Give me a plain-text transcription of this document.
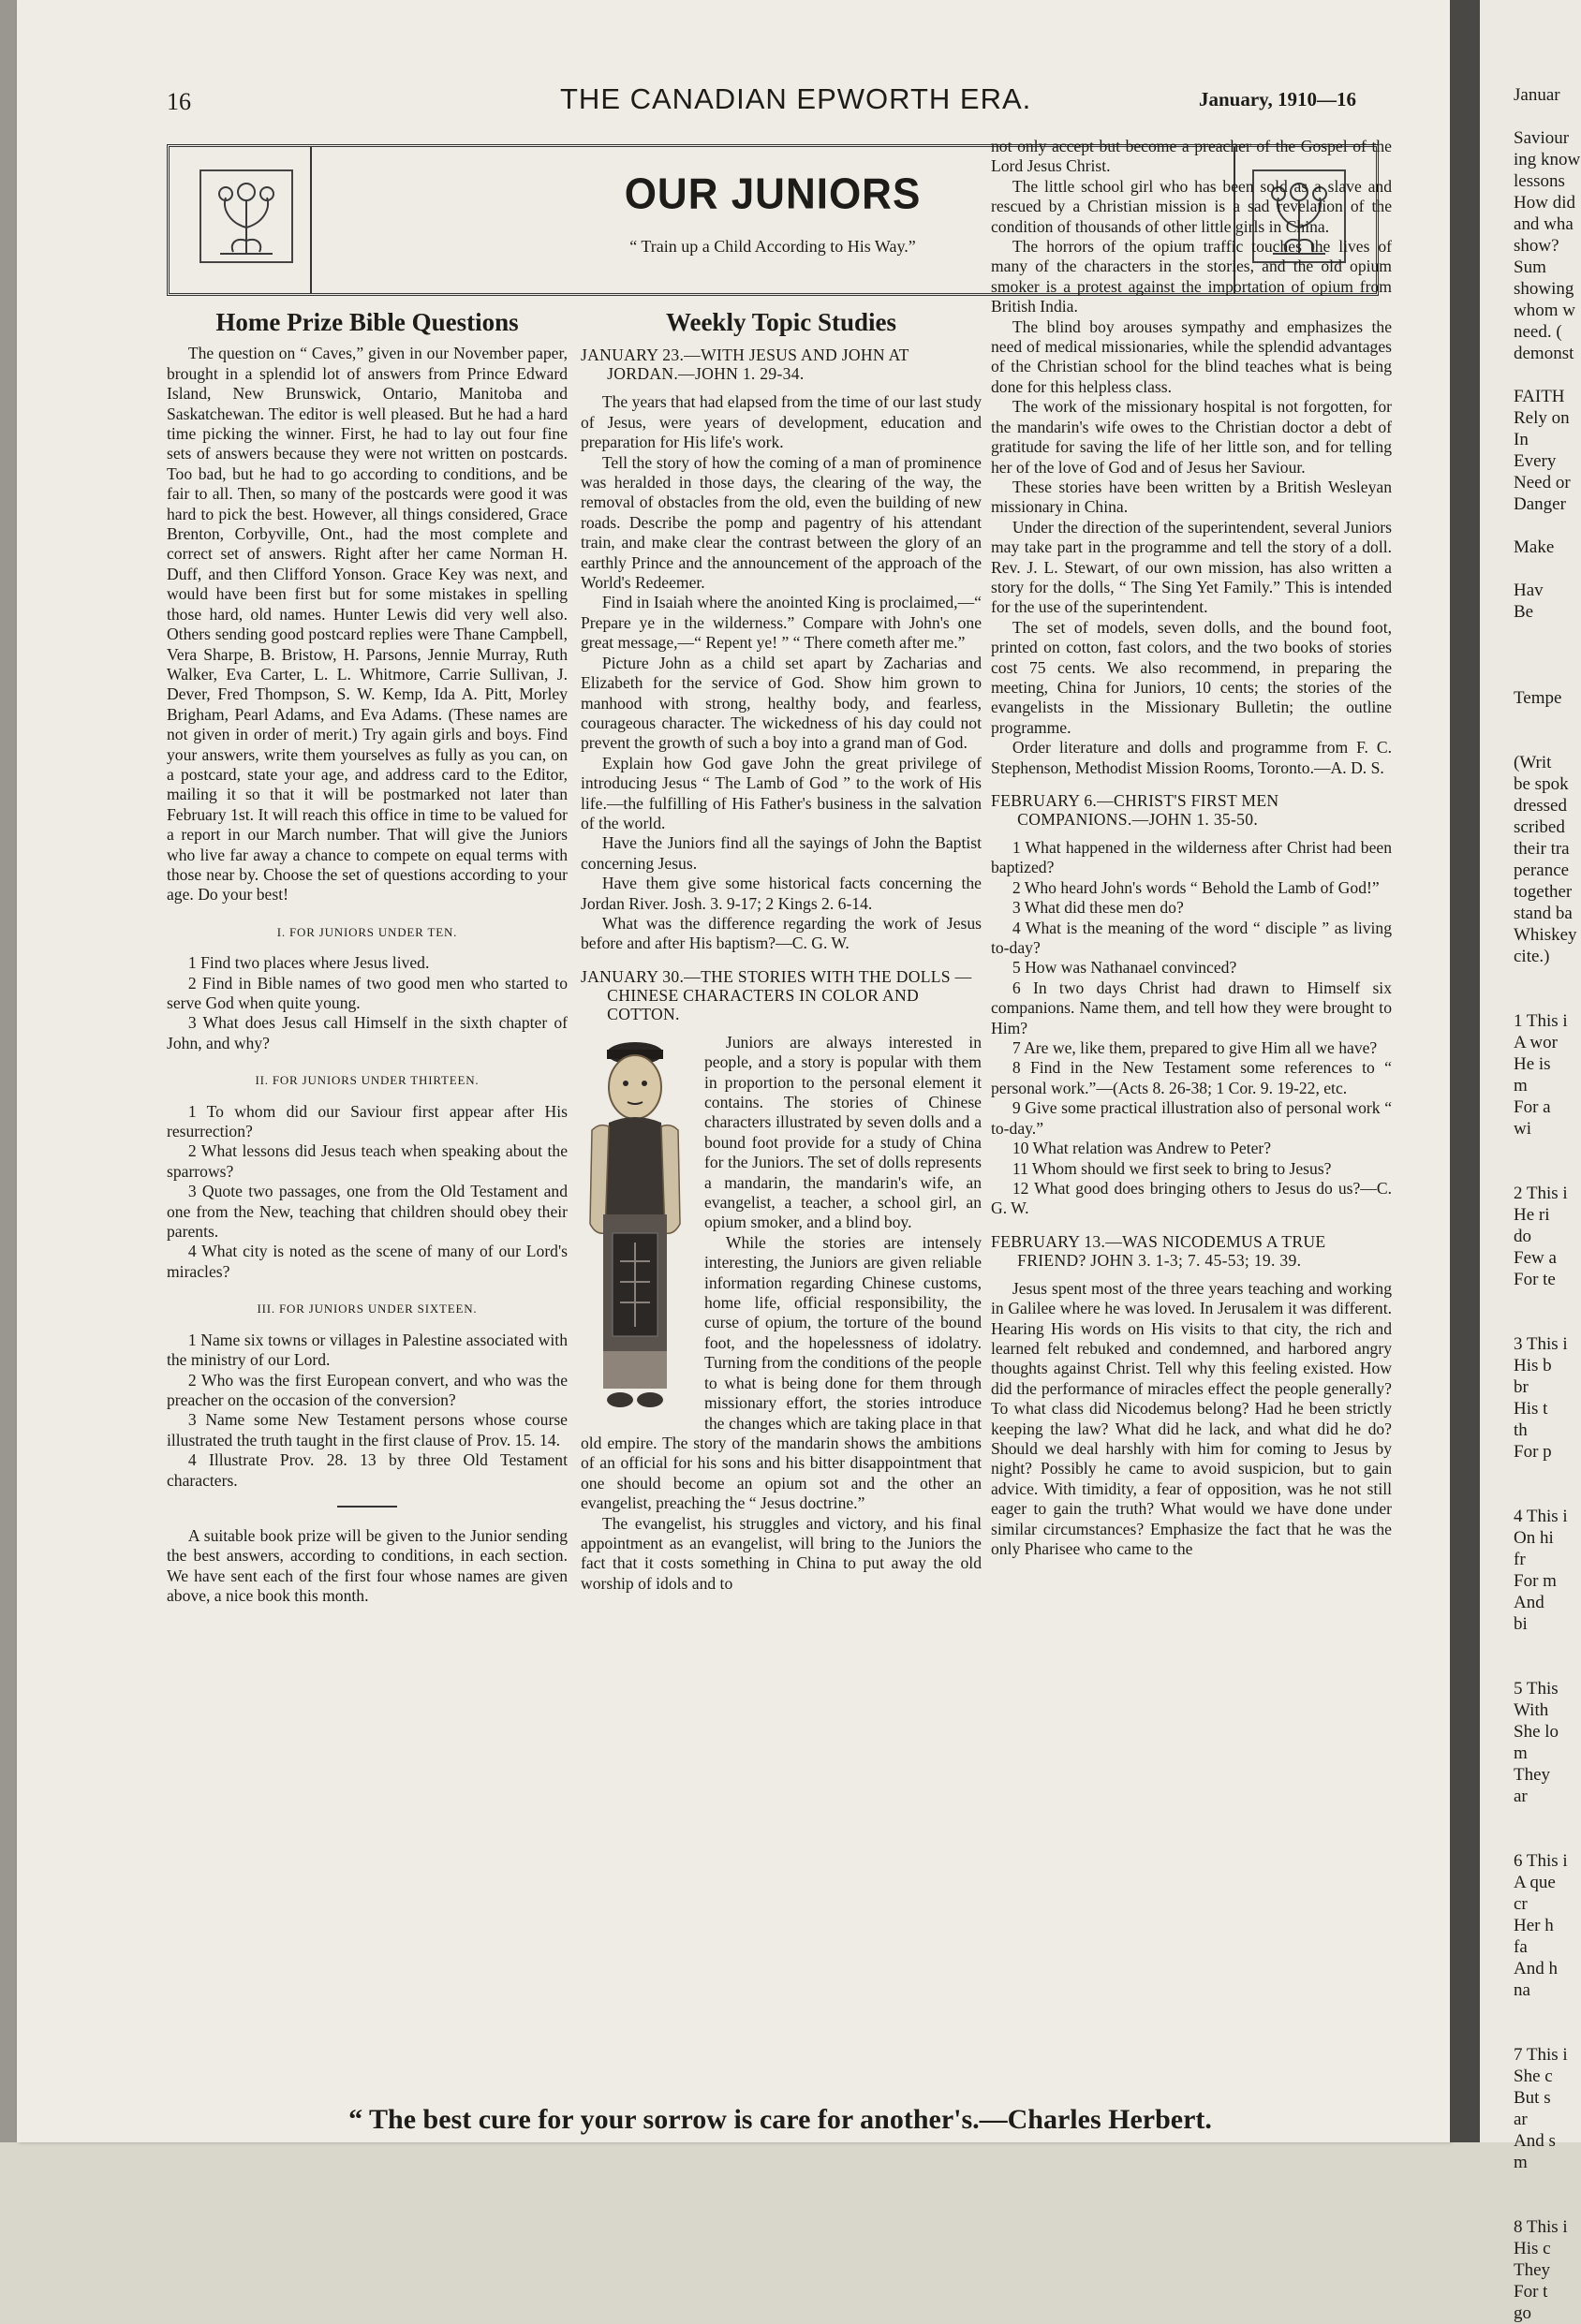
16	THE CANADIAN EPWORTH ERA.	January, 1910—16
OUR JUNIORS
“ Train up a Child According to His Way.”
Home Prize Bible Questions

The question on “ Caves,” given in our November paper, brought in a splendid lot of answers from Prince Edward Island, New Brunswick, Ontario, Manitoba and Saskatchewan. The editor is well pleased. But he had a hard time picking the winner. First, he had to lay out four fine sets of answers because they were not written on postcards. Too bad, but he had to go according to conditions, and be fair to all. Then, so many of the postcards were good it was hard to pick the best. However, all things considered, Grace Brenton, Corbyville, Ont., had the most complete and correct set of answers. Right after her came Norman H. Duff, and then Clifford Yonson. Grace Key was next, and would have been first but for some mistakes in spelling those hard, old names. Hunter Lewis did very well also. Others sending good postcard replies were Thane Campbell, Vera Sharpe, B. Bristow, H. Parsons, Jennie Murray, Ruth Walker, Eva Carter, L. L. Whitmore, Carrie Sullivan, J. Dever, Fred Thompson, S. W. Kemp, Ida A. Pitt, Morley Brigham, Pearl Adams, and Eva Adams. (These names are not given in order of merit.) Try again girls and boys. Find your answers, write them yourselves as fully as you can, on a postcard, state your age, and address card to the Editor, mailing it so that it will be postmarked not later than February 1st. It will reach this office in time to be valued for a report in our March number. That will give the Juniors who live far away a chance to compete on equal terms with those near by. Choose the set of questions according to your age. Do your best!

I. FOR JUNIORS UNDER TEN.

1 Find two places where Jesus lived.

2 Find in Bible names of two good men who started to serve God when quite young.

3 What does Jesus call Himself in the sixth chapter of John, and why?

II. FOR JUNIORS UNDER THIRTEEN.

1 To whom did our Saviour first appear after His resurrection?

2 What lessons did Jesus teach when speaking about the sparrows?

3 Quote two passages, one from the Old Testament and one from the New, teaching that children should obey their parents.

4 What city is noted as the scene of many of our Lord's miracles?

III. FOR JUNIORS UNDER SIXTEEN.

1 Name six towns or villages in Palestine associated with the ministry of our Lord.

2 Who was the first European convert, and who was the preacher on the occasion of the conversion?

3 Name some New Testament persons whose course illustrated the truth taught in the first clause of Prov. 15. 14.

4 Illustrate Prov. 28. 13 by three Old Testament characters.

A suitable book prize will be given to the Junior sending the best answers, according to conditions, in each section. We have sent each of the first four whose names are given above, a nice book this month.

Weekly Topic Studies
JANUARY 23.—WITH JESUS AND JOHN AT JORDAN.—JOHN 1. 29-34.

The years that had elapsed from the time of our last study of Jesus, were years of development, education and preparation for His life's work.

Tell the story of how the coming of a man of prominence was heralded in those days, the clearing of the way, the removal of obstacles from the old, even the building of new roads. Describe the pomp and pagentry of his attendant train, and make clear the contrast between the glory of an earthly Prince and the announcement of the approach of the World's Redeemer.

Find in Isaiah where the anointed King is proclaimed,—“ Prepare ye in the wilderness.” Compare with John's one great message,—“ Repent ye! ” “ There cometh after me.”

Picture John as a child set apart by Zacharias and Elizabeth for the service of God. Show him grown to manhood with strong, healthy body, and fearless, courageous character. The wickedness of his day could not prevent the growth of such a boy into a grand man of God.

Explain how God gave John the great privilege of introducing Jesus “ The Lamb of God ” to the work of His life.—the fulfilling of His Father's business in the salvation of the world.

Have the Juniors find all the sayings of John the Baptist concerning Jesus.

Have them give some historical facts concerning the Jordan River. Josh. 3. 9-17; 2 Kings 2. 6-14.

What was the difference regarding the work of Jesus before and after His baptism?—C. G. W.

JANUARY 30.—THE STORIES WITH THE DOLLS — CHINESE CHARACTERS IN COLOR AND COTTON.

Juniors are always interested in people, and a story is popular with them in proportion to the personal element it contains. The stories of Chinese characters illustrated by seven dolls and a bound foot provide for a study of China for the Juniors. The set of dolls represents a mandarin, the mandarin's wife, an evangelist, a teacher, a school girl, an opium smoker, and a blind boy.

While the stories are intensely interesting, the Juniors are given reliable information regarding Chinese customs, home life, official responsibility, the curse of opium, the torture of the bound foot, and the hopelessness of idolatry. Turning from the conditions of the people to what is being done for them through missionary effort, the stories introduce the changes which are taking place in that old empire. The story of the mandarin shows the ambitions of an official for his sons and his bitter disappointment that one should become an opium sot and the other an evangelist, preaching the “ Jesus doctrine.”

The evangelist, his struggles and victory, and his final appointment as an evangelist, will bring to the Juniors the fact that it costs something in China to put away the old worship of idols and to

not only accept but become a preacher of the Gospel of the Lord Jesus Christ.

The little school girl who has been sold as a slave and rescued by a Christian mission is a sad revelation of the condition of thousands of other little girls in China.

The horrors of the opium traffic touches the lives of many of the characters in the stories, and the old opium smoker is a protest against the importation of opium from British India.

The blind boy arouses sympathy and emphasizes the need of medical missionaries, while the splendid advantages of the Christian school for the blind teaches what is being done for this helpless class.

The work of the missionary hospital is not forgotten, for the mandarin's wife owes to the Christian doctor a debt of gratitude for saving the life of her little son, and for telling her of the love of God and of Jesus her Saviour.

These stories have been written by a British Wesleyan missionary in China.

Under the direction of the superintendent, several Juniors may take part in the programme and tell the story of a doll. Rev. J. L. Stewart, of our own mission, has also written a story for the dolls, “ The Sing Yet Family.” This is intended for the use of the superintendent.

The set of models, seven dolls, and the bound foot, printed on cotton, fast colors, and the two books of stories cost 75 cents. We also recommend, in preparing the meeting, China for Juniors, 10 cents; the stories of the evangelists in the Missionary Bulletin; the outline programme.

Order literature and dolls and programme from F. C. Stephenson, Methodist Mission Rooms, Toronto.—A. D. S.

FEBRUARY 6.—CHRIST'S FIRST MEN COMPANIONS.—JOHN 1. 35-50.

1 What happened in the wilderness after Christ had been baptized?

2 Who heard John's words “ Behold the Lamb of God!”

3 What did these men do?

4 What is the meaning of the word “ disciple ” as living to-day?

5 How was Nathanael convinced?

6 In two days Christ had drawn to Himself six companions. Name them, and tell how they were brought to Him?

7 Are we, like them, prepared to give Him all we have?

8 Find in the New Testament some references to “ personal work.”—(Acts 8. 26-38; 1 Cor. 9. 19-22, etc.

9 Give some practical illustration also of personal work “ to-day.”

10 What relation was Andrew to Peter?

11 Whom should we first seek to bring to Jesus?

12 What good does bringing others to Jesus do us?—C. G. W.

FEBRUARY 13.—WAS NICODEMUS A TRUE FRIEND? JOHN 3. 1-3; 7. 45-53; 19. 39.

Jesus spent most of the three years teaching and working in Galilee where he was loved. In Jerusalem it was different. Hearing His words on His visits to that city, the rich and learned felt rebuked and condemned, and harbored angry thoughts against Christ. Tell why this feeling existed. How did the performance of miracles effect the people generally? To what class did Nicodemus belong? Had he been strictly keeping the law? What did he lack, and what did he do? Should we deal harshly with him for coming to Jesus by night? Possibly he came to avoid suspicion, but to gain advice. With timidity, a fear of opposition, was he not still eager to gain the truth? What would we have done under similar circumstances? Emphasize the fact that he was the only Pharisee who came to the

“ The best cure for your sorrow is care for another's.—Charles Herbert.
Januar

Saviour
ing know
lessons
How did
and wha
show?
Sum
showing
whom w
need. (
demonst

FAITH
Rely on
In
Every
Need or
Danger

Make

Hav
Be

Tempe

(Writ
be spok
dressed
scribed
their tra
perance
together
stand ba
Whiskey
cite.)

1 This i
A wor
He is
m
For a
wi

2 This i
He ri
do
Few a
For te

3 This i
His b
br
His t
th
For p

4 This i
On hi
fr
For m
And
bi

5 This
With
She lo
m
They
ar

6 This i
A que
cr
Her h
fa
And h
na

7 This i
She c
But s
ar
And s
m

8 This i
His c
They
For t
go
